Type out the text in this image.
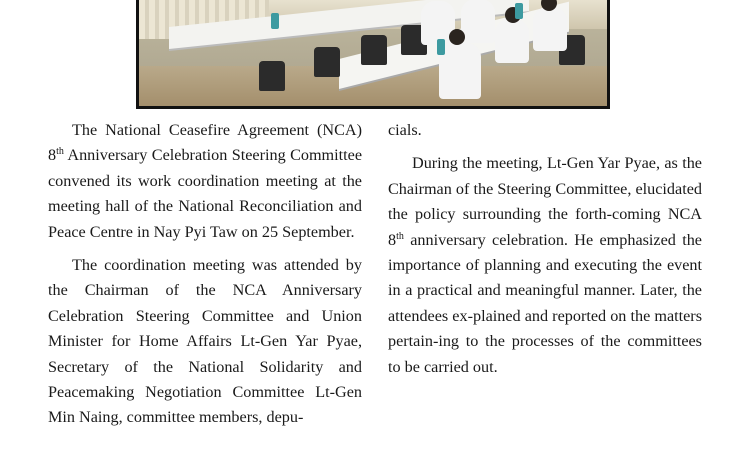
The National Ceasefire Agreement (NCA) 8th Anniversary Celebration Steering Committee convened its work coordination meeting at the meeting hall of the National Reconciliation and Peace Centre in Nay Pyi Taw on 25 September.

The coordination meeting was attended by the Chairman of the NCA Anniversary Celebration Steering Committee and Union Minister for Home Affairs Lt-Gen Yar Pyae, Secretary of the National Solidarity and Peacemaking Negotiation Committee Lt-Gen Min Naing, committee members, depu-

cials.

During the meeting, Lt-Gen Yar Pyae, as the Chairman of the Steering Committee, elucidated the policy surrounding the forth-coming NCA 8th anniversary celebration. He emphasized the importance of planning and executing the event in a practical and meaningful manner. Later, the attendees ex-plained and reported on the matters pertain-ing to the processes of the committees to be carried out.
